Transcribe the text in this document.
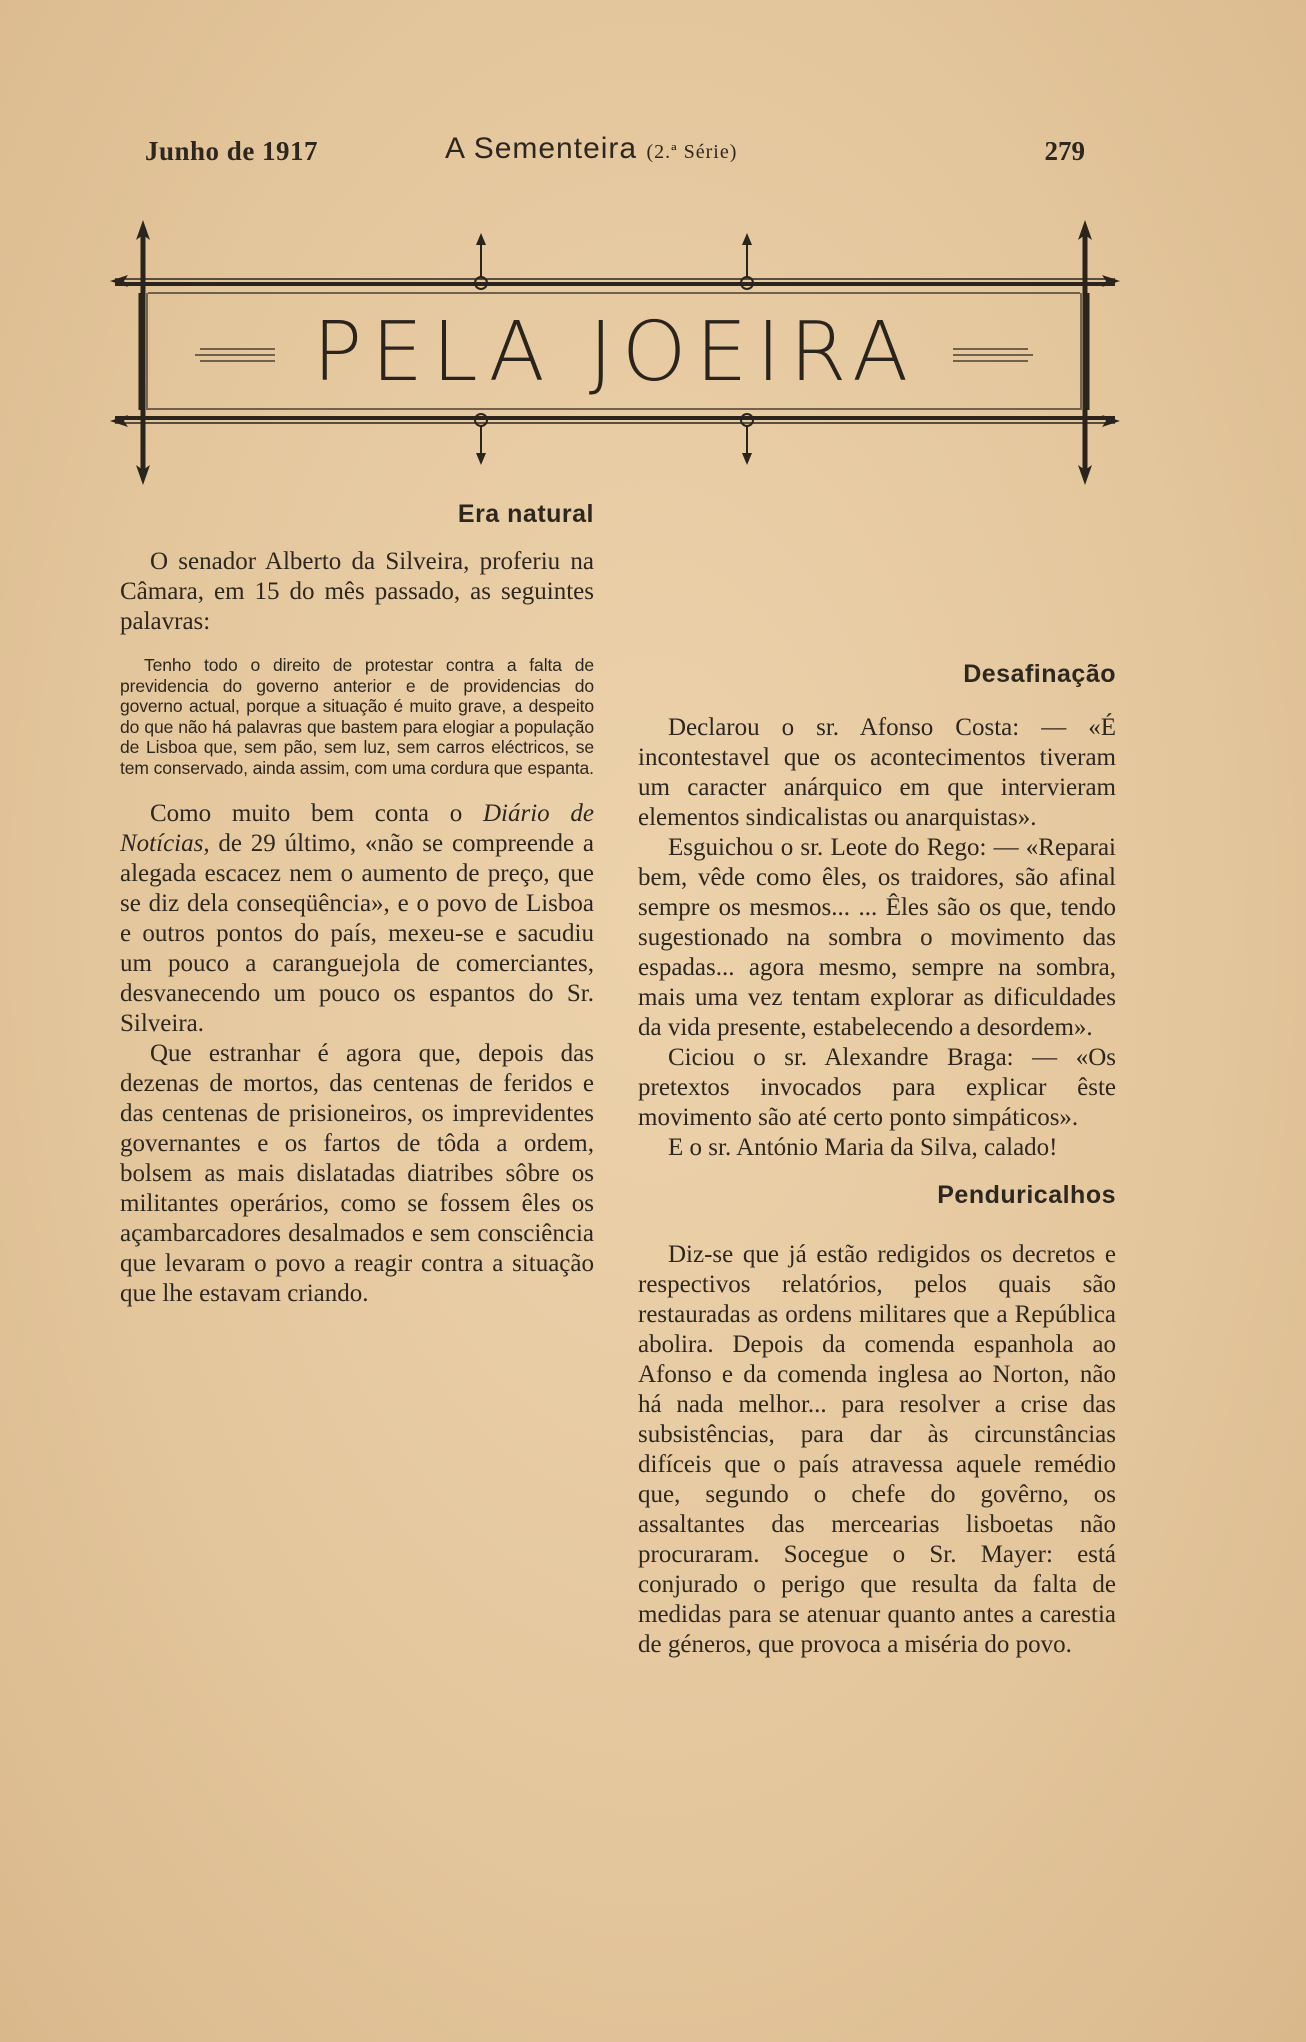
Junho de 1917	A Sementeira (2.ª Série)	279
PELA JOEIRA
Era natural

O senador Alberto da Silveira, proferiu na Câmara, em 15 do mês passado, as seguintes palavras:

Tenho todo o direito de protestar contra a falta de previdencia do governo anterior e de providencias do governo actual, porque a situação é muito grave, a despeito do que não há palavras que bastem para elogiar a população de Lisboa que, sem pão, sem luz, sem carros eléctricos, se tem conservado, ainda assim, com uma cordura que espanta.

Como muito bem conta o Diário de Notícias, de 29 último, «não se compreende a alegada escacez nem o aumento de preço, que se diz dela conseqüência», e o povo de Lisboa e outros pontos do país, mexeu-se e sacudiu um pouco a caranguejola de comerciantes, desvanecendo um pouco os espantos do Sr. Silveira.

Que estranhar é agora que, depois das dezenas de mortos, das centenas de feridos e das centenas de prisioneiros, os imprevidentes governantes e os fartos de tôda a ordem, bolsem as mais dislatadas diatribes sôbre os militantes operários, como se fossem êles os açambarcadores desalmados e sem consciência que levaram o povo a reagir contra a situação que lhe estavam criando.

Desafinação

Declarou o sr. Afonso Costa: — «É incontestavel que os acontecimentos tiveram um caracter anárquico em que intervieram elementos sindicalistas ou anarquistas».

Esguichou o sr. Leote do Rego: — «Reparai bem, vêde como êles, os traidores, são afinal sempre os mesmos... ... Êles são os que, tendo sugestionado na sombra o movimento das espadas... agora mesmo, sempre na sombra, mais uma vez tentam explorar as dificuldades da vida presente, estabelecendo a desordem».

Ciciou o sr. Alexandre Braga: — «Os pretextos invocados para explicar êste movimento são até certo ponto simpáticos».

E o sr. António Maria da Silva, calado!

Penduricalhos

Diz-se que já estão redigidos os decretos e respectivos relatórios, pelos quais são restauradas as ordens militares que a República abolira. Depois da comenda espanhola ao Afonso e da comenda inglesa ao Norton, não há nada melhor... para resolver a crise das subsistências, para dar às circunstâncias difíceis que o país atravessa aquele remédio que, segundo o chefe do govêrno, os assaltantes das mercearias lisboetas não procuraram. Socegue o Sr. Mayer: está conjurado o perigo que resulta da falta de medidas para se atenuar quanto antes a carestia de géneros, que provoca a miséria do povo.
